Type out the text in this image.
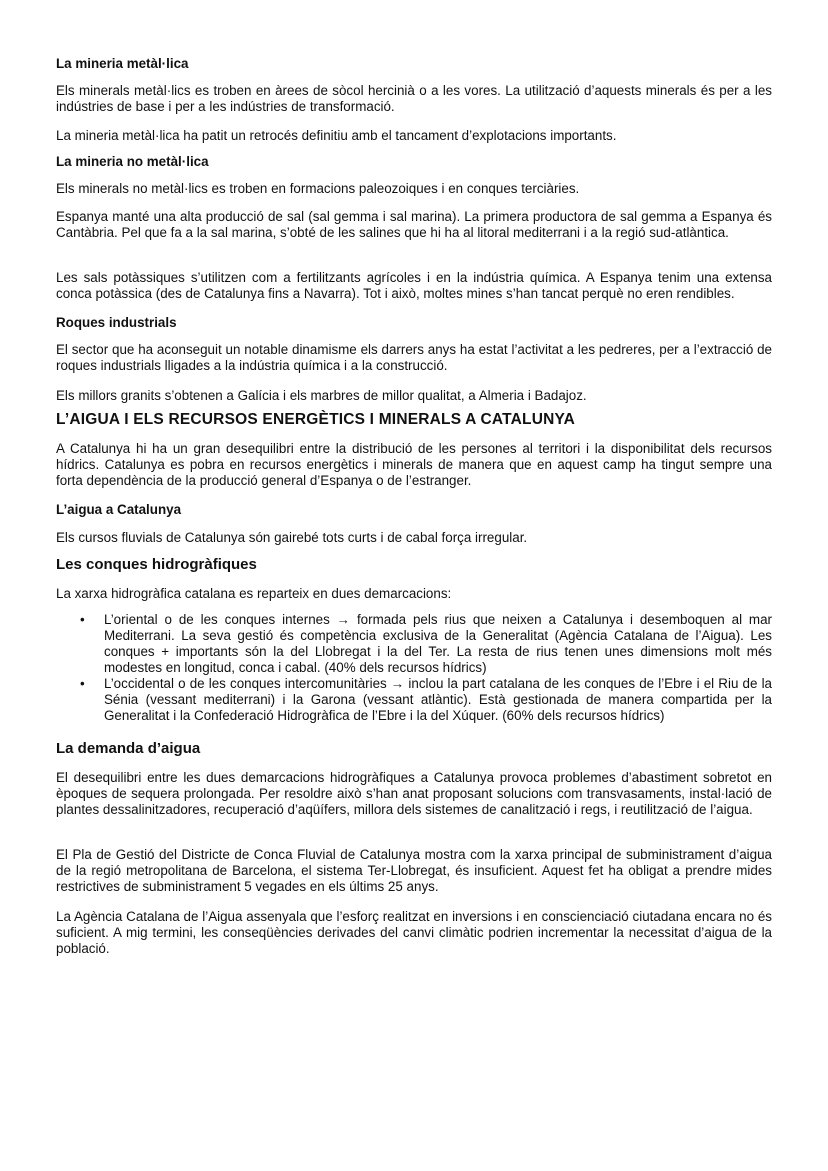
La mineria metàl·lica

Els minerals metàl·lics es troben en àrees de sòcol hercinià o a les vores. La utilització d’aquests minerals és per a les indústries de base i per a les indústries de transformació.

La mineria metàl·lica ha patit un retrocés definitiu amb el tancament d’explotacions importants.

La mineria no metàl·lica

Els minerals no metàl·lics es troben en formacions paleozoiques i en conques terciàries.

Espanya manté una alta producció de sal (sal gemma i sal marina). La primera productora de sal gemma a Espanya és Cantàbria. Pel que fa a la sal marina, s’obté de les salines que hi ha al litoral mediterrani i a la regió sud-atlàntica.

Les sals potàssiques s’utilitzen com a fertilitzants agrícoles i en la indústria química. A Espanya tenim una extensa conca potàssica (des de Catalunya fins a Navarra). Tot i això, moltes mines s’han tancat perquè no eren rendibles.

Roques industrials

El sector que ha aconseguit un notable dinamisme els darrers anys ha estat l’activitat a les pedreres, per a l’extracció de roques industrials lligades a la indústria química i a la construcció.

Els millors granits s’obtenen a Galícia i els marbres de millor qualitat, a Almeria i Badajoz.

L’AIGUA I ELS RECURSOS ENERGÈTICS I MINERALS A CATALUNYA

A Catalunya hi ha un gran desequilibri entre la distribució de les persones al territori i la disponibilitat dels recursos hídrics. Catalunya es pobra en recursos energètics i minerals de manera que en aquest camp ha tingut sempre una forta dependència de la producció general d’Espanya o de l’estranger.

L’aigua a Catalunya

Els cursos fluvials de Catalunya són gairebé tots curts i de cabal força irregular.

Les conques hidrogràfiques

La xarxa hidrogràfica catalana es reparteix en dues demarcacions:

• L’oriental o de les conques internes → formada pels rius que neixen a Catalunya i desemboquen al mar Mediterrani. La seva gestió és competència exclusiva de la Generalitat (Agència Catalana de l’Aigua). Les conques + importants són la del Llobregat i la del Ter. La resta de rius tenen unes dimensions molt més modestes en longitud, conca i cabal. (40% dels recursos hídrics)
• L’occidental o de les conques intercomunitàries → inclou la part catalana de les conques de l’Ebre i el Riu de la Sénia (vessant mediterrani) i la Garona (vessant atlàntic). Està gestionada de manera compartida per la Generalitat i la Confederació Hidrogràfica de l’Ebre i la del Xúquer. (60% dels recursos hídrics)
La demanda d’aigua

El desequilibri entre les dues demarcacions hidrogràfiques a Catalunya provoca problemes d’abastiment sobretot en èpoques de sequera prolongada. Per resoldre això s’han anat proposant solucions com transvasaments, instal·lació de plantes dessalinitzadores, recuperació d’aqüífers, millora dels sistemes de canalització i regs, i reutilització de l’aigua.

El Pla de Gestió del Districte de Conca Fluvial de Catalunya mostra com la xarxa principal de subministrament d’aigua de la regió metropolitana de Barcelona, el sistema Ter-Llobregat, és insuficient. Aquest fet ha obligat a prendre mides restrictives de subministrament 5 vegades en els últims 25 anys.

La Agència Catalana de l’Aigua assenyala que l’esforç realitzat en inversions i en conscienciació ciutadana encara no és suficient. A mig termini, les conseqüències derivades del canvi climàtic podrien incrementar la necessitat d’aigua de la població.
